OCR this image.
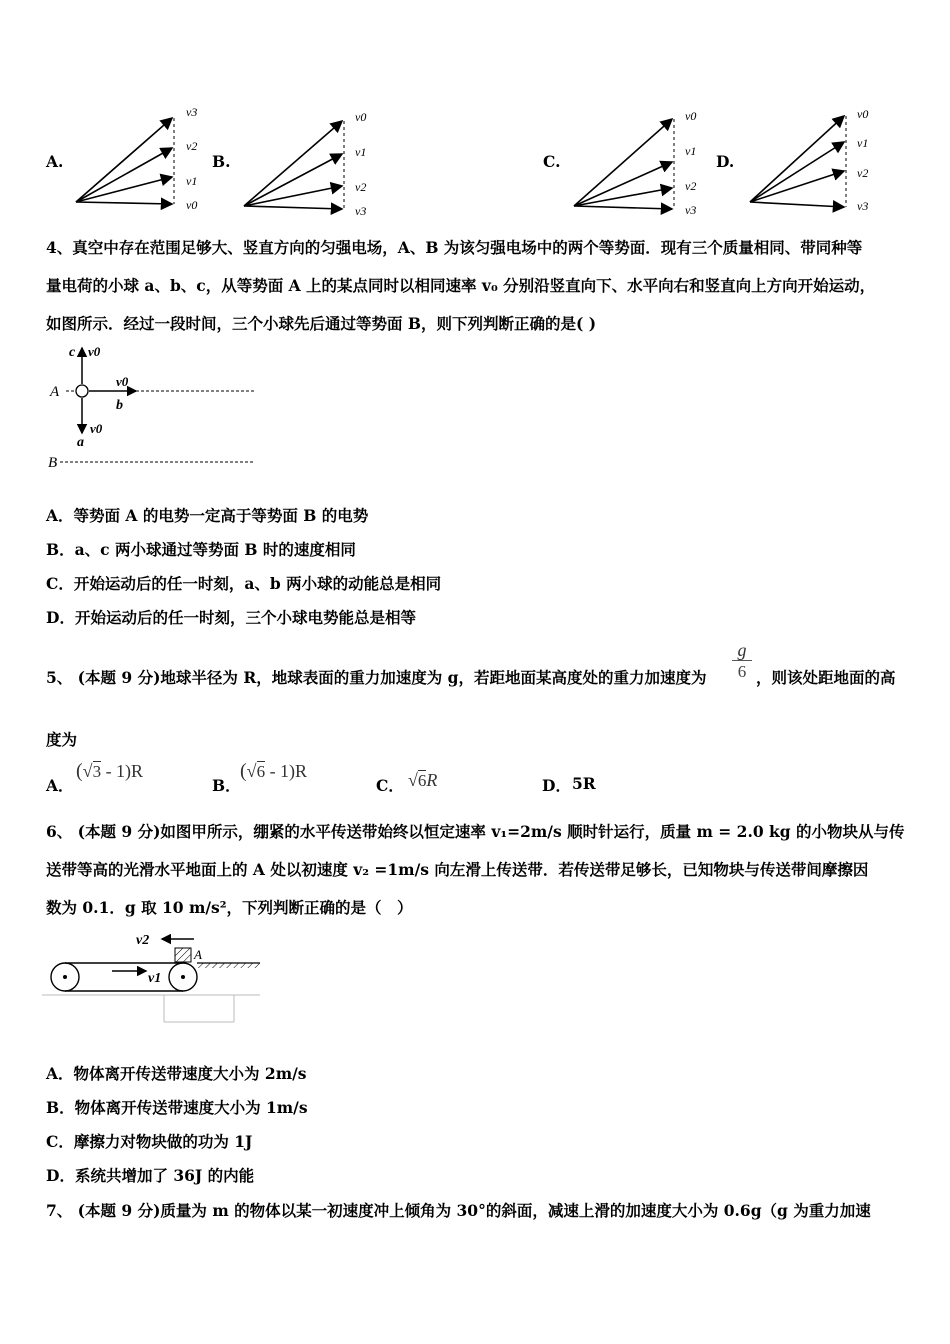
A.
v3
v2
v1
v0
B.
v0
v1
v2
v3
C.
v0
v1
v2
v3
D.
v0
v1
v2
v3
4、真空中存在范围足够大、竖直方向的匀强电场，A、B 为该匀强电场中的两个等势面．现有三个质量相同、带同种等
量电荷的小球 a、b、c，从等势面 A 上的某点同时以相同速率 v₀ 分别沿竖直向下、水平向右和竖直向上方向开始运动，
如图所示．经过一段时间，三个小球先后通过等势面 B，则下列判断正确的是( )
c v0
A
v0
b
v0
a
B
A．等势面 A 的电势一定高于等势面 B 的电势
B．a、c 两小球通过等势面 B 时的速度相同
C．开始运动后的任一时刻，a、b 两小球的动能总是相同
D．开始运动后的任一时刻，三个小球电势能总是相等
5、 (本题 9 分)地球半径为 R，地球表面的重力加速度为 g，若距地面某高度处的重力加速度为 $\frac{g}{6}$ ，则该处距地面的高
度为
A．
(√3 - 1)R
B．
(√6 - 1)R
C． √6R	D． 5R
6、 (本题 9 分)如图甲所示，绷紧的水平传送带始终以恒定速率 v₁=2m/s 顺时针运行，质量 m = 2.0 kg 的小物块从与传
送带等高的光滑水平地面上的 A 处以初速度 v₂ =1m/s 向左滑上传送带．若传送带足够长，已知物块与传送带间摩擦因
数为 0.1．g 取 10 m/s²，下列判断正确的是（　）
v2
A
v1
A．物体离开传送带速度大小为 2m/s
B．物体离开传送带速度大小为 1m/s
C．摩擦力对物块做的功为 1J
D．系统共增加了 36J 的内能
7、 (本题 9 分)质量为 m 的物体以某一初速度冲上倾角为 30°的斜面，减速上滑的加速度大小为 0.6g（g 为重力加速
